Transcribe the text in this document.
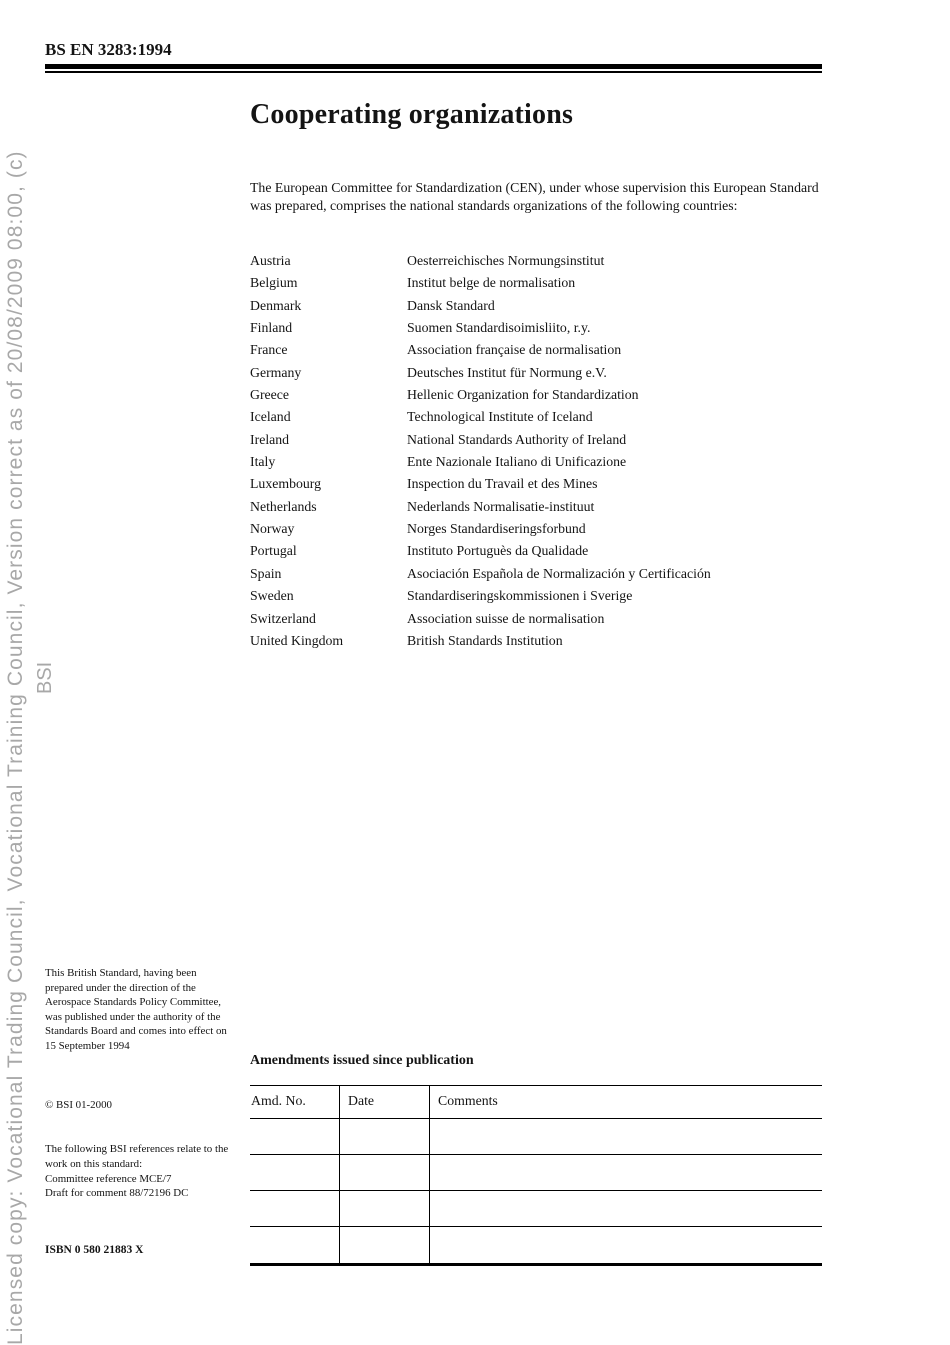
Licensed copy: Vocational Trading Council, Vocational Training Council, Version correct as of 20/08/2009 08:00, (c) BSI
BS EN 3283:1994
Cooperating organizations

The European Committee for Standardization (CEN), under whose supervision this European Standard was prepared, comprises the national standards organizations of the following countries:

Austria	Oesterreichisches Normungsinstitut
Belgium	Institut belge de normalisation
Denmark	Dansk Standard
Finland	Suomen Standardisoimisliito, r.y.
France	Association française de normalisation
Germany	Deutsches Institut für Normung e.V.
Greece	Hellenic Organization for Standardization
Iceland	Technological Institute of Iceland
Ireland	National Standards Authority of Ireland
Italy	Ente Nazionale Italiano di Unificazione
Luxembourg	Inspection du Travail et des Mines
Netherlands	Nederlands Normalisatie-instituut
Norway	Norges Standardiseringsforbund
Portugal	Instituto Portuguès da Qualidade
Spain	Asociación Española de Normalización y Certificación
Sweden	Standardiseringskommissionen i Sverige
Switzerland	Association suisse de normalisation
United Kingdom	British Standards Institution

This British Standard, having been prepared under the direction of the Aerospace Standards Policy Committee, was published under the authority of the Standards Board and comes into effect on 15 September 1994

© BSI 01-2000

The following BSI references relate to the work on this standard:
Committee reference MCE/7
Draft for comment 88/72196 DC
ISBN 0 580 21883 X
Amendments issued since publication
Amd. No.	Date	Comments
